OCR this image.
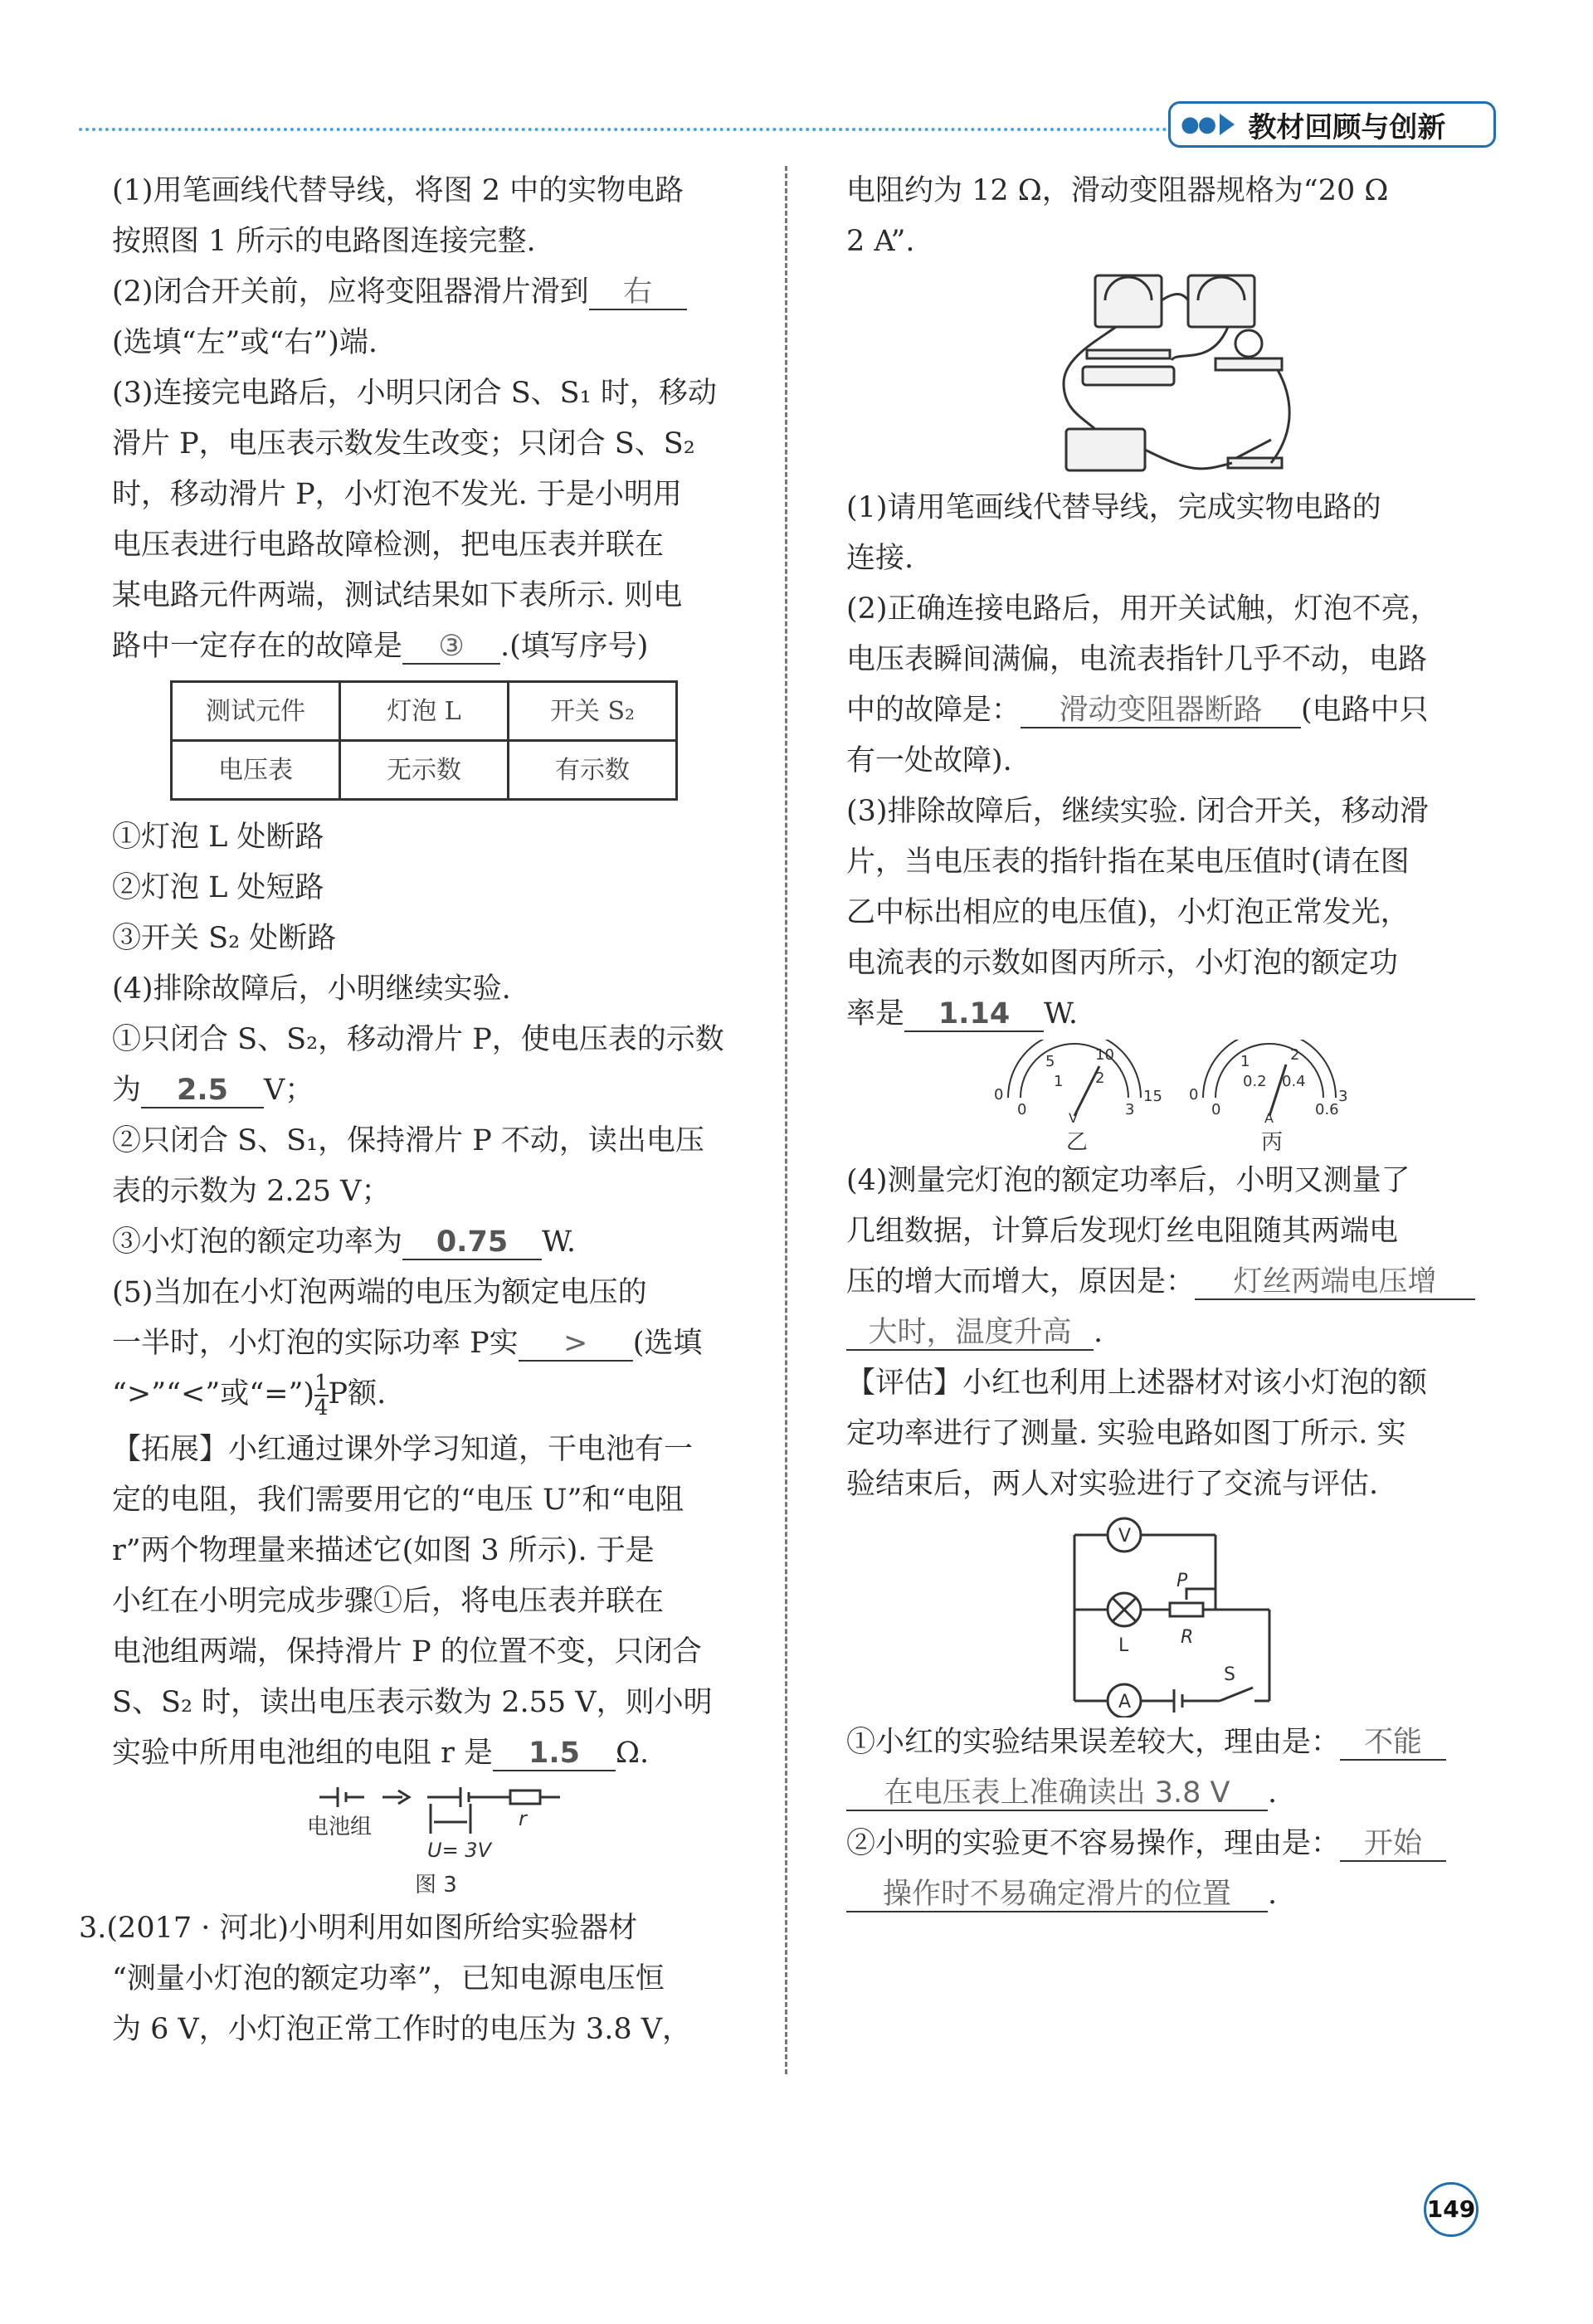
●● 教材回顾与创新

(1)用笔画线代替导线，将图 2 中的实物电路

按照图 1 所示的电路图连接完整.

(2)闭合开关前，应将变阻器滑片滑到 右

(选填“左”或“右”)端.

(3)连接完电路后，小明只闭合 S、S₁ 时，移动

滑片 P，电压表示数发生改变；只闭合 S、S₂

时，移动滑片 P，小灯泡不发光. 于是小明用

电压表进行电路故障检测，把电压表并联在

某电路元件两端，测试结果如下表所示. 则电

路中一定存在的故障是 ③ .(填写序号)

测试元件	灯泡 L	开关 S₂
电压表	无示数	有示数

①灯泡 L 处断路

②灯泡 L 处短路

③开关 S₂ 处断路

(4)排除故障后，小明继续实验.

①只闭合 S、S₂，移动滑片 P，使电压表的示数

为 2.5 V；

②只闭合 S、S₁，保持滑片 P 不动，读出电压

表的示数为 2.25 V；

③小灯泡的额定功率为 0.75 W.

(5)当加在小灯泡两端的电压为额定电压的

一半时，小灯泡的实际功率 P实 > (选填

“>”“<”或“=”) $\frac{1}{4}$ P额.

【拓展】小红通过课外学习知道，干电池有一

定的电阻，我们需要用它的“电压 U”和“电阻

r”两个物理量来描述它(如图 3 所示). 于是

小红在小明完成步骤①后，将电压表并联在

电池组两端，保持滑片 P 的位置不变，只闭合

S、S₂ 时，读出电压表示数为 2.55 V，则小明

实验中所用电池组的电阻 r 是 1.5 Ω.

电池组
U= 3V
r
图 3

3.(2017 · 河北)小明利用如图所给实验器材

“测量小灯泡的额定功率”，已知电源电压恒

为 6 V，小灯泡正常工作时的电压为 3.8 V，

电阻约为 12 Ω，滑动变阻器规格为“20 Ω

2 A”.

(1)请用笔画线代替导线，完成实物电路的

连接.

(2)正确连接电路后，用开关试触，灯泡不亮，

电压表瞬间满偏，电流表指针几乎不动，电路

中的故障是： 滑动变阻器断路 (电路中只

有一处故障).

(3)排除故障后，继续实验. 闭合开关，移动滑

片，当电压表的指针指在某电压值时(请在图

乙中标出相应的电压值)，小灯泡正常发光，

电流表的示数如图丙所示，小灯泡的额定功

率是 1.14 W.

0
5	10
15
0
1 2
3
V
0
1	2
3
0
0.2 0.4
0.6
A
乙	丙

(4)测量完灯泡的额定功率后，小明又测量了

几组数据，计算后发现灯丝电阻随其两端电

压的增大而增大，原因是： 灯丝两端电压增

大时，温度升高 .

【评估】小红也利用上述器材对该小灯泡的额

定功率进行了测量. 实验电路如图丁所示. 实

验结束后，两人对实验进行了交流与评估.

V
A
L
P
R
S

①小红的实验结果误差较大，理由是： 不能

在电压表上准确读出 3.8 V .

②小明的实验更不容易操作，理由是： 开始

操作时不易确定滑片的位置 .

149
